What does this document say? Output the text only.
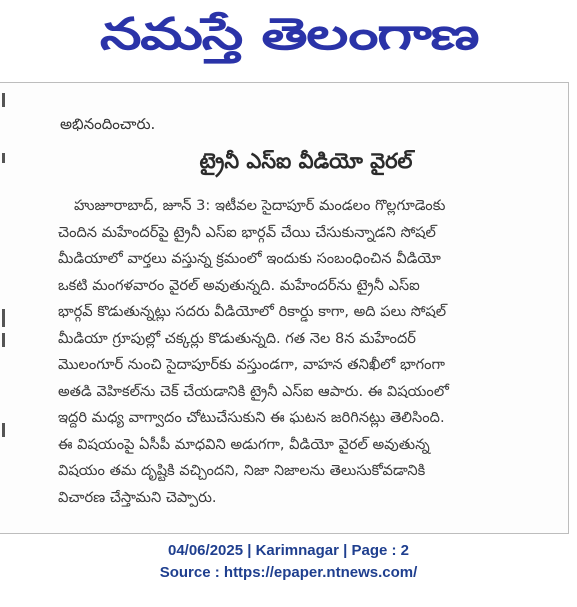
నమస్తే తెలంగాణ
అభినందించారు.
ట్రైనీ ఎస్ఐ వీడియో వైరల్
హుజూరాబాద్, జూన్ 3: ఇటీవల సైదాపూర్ మండలం గొల్లగూడెంకు
చెందిన మహేందర్‌పై ట్రైనీ ఎస్ఐ భార్గవ్ చేయి చేసుకున్నాడని సోషల్
మీడియాలో వార్తలు వస్తున్న క్రమంలో ఇందుకు సంబంధించిన వీడియో
ఒకటి మంగళవారం వైరల్ అవుతున్నది. మహేందర్‌ను ట్రైనీ ఎస్ఐ
భార్గవ్ కొడుతున్నట్లు సదరు వీడియోలో రికార్డు కాగా, అది పలు సోషల్
మీడియా గ్రూపుల్లో చక్కర్లు కొడుతున్నది. గత నెల 8న మహేందర్
మొలంగూర్ నుంచి సైదాపూర్‌కు వస్తుండగా, వాహన తనిఖీలో భాగంగా
అతడి వెహికల్‌ను చెక్ చేయడానికి ట్రైనీ ఎస్ఐ ఆపారు. ఈ విషయంలో
ఇద్దరి మధ్య వాగ్వాదం చోటుచేసుకుని ఈ ఘటన జరిగినట్లు తెలిసింది.
ఈ విషయంపై ఏసీపీ మాధవిని అడుగగా, వీడియో వైరల్ అవుతున్న
విషయం తమ దృష్టికి వచ్చిందని, నిజా నిజాలను తెలుసుకోవడానికి
విచారణ చేస్తామని చెప్పారు.
04/06/2025 | Karimnagar | Page : 2
Source : https://epaper.ntnews.com/
